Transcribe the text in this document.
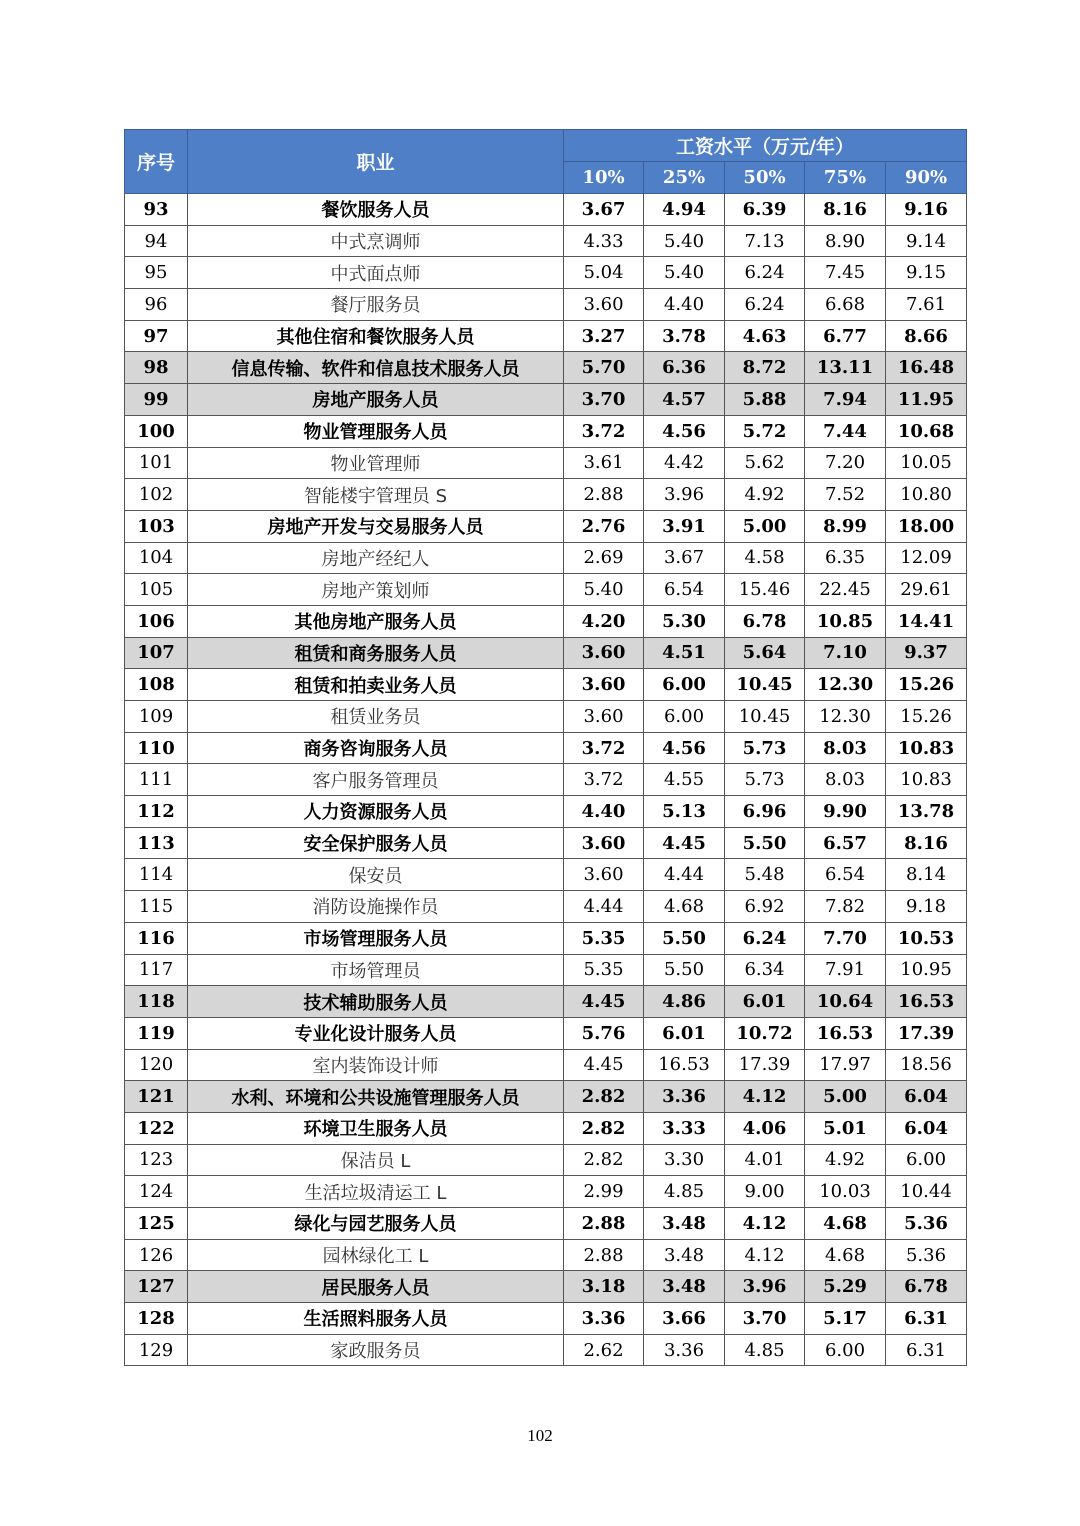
序号	职业	工资水平（万元/年）				
		10%	25%	50%	75%	90%
93	餐饮服务人员	3.67	4.94	6.39	8.16	9.16
94	中式烹调师	4.33	5.40	7.13	8.90	9.14
95	中式面点师	5.04	5.40	6.24	7.45	9.15
96	餐厅服务员	3.60	4.40	6.24	6.68	7.61
97	其他住宿和餐饮服务人员	3.27	3.78	4.63	6.77	8.66
98	信息传输、软件和信息技术服务人员	5.70	6.36	8.72	13.11	16.48
99	房地产服务人员	3.70	4.57	5.88	7.94	11.95
100	物业管理服务人员	3.72	4.56	5.72	7.44	10.68
101	物业管理师	3.61	4.42	5.62	7.20	10.05
102	智能楼宇管理员 S	2.88	3.96	4.92	7.52	10.80
103	房地产开发与交易服务人员	2.76	3.91	5.00	8.99	18.00
104	房地产经纪人	2.69	3.67	4.58	6.35	12.09
105	房地产策划师	5.40	6.54	15.46	22.45	29.61
106	其他房地产服务人员	4.20	5.30	6.78	10.85	14.41
107	租赁和商务服务人员	3.60	4.51	5.64	7.10	9.37
108	租赁和拍卖业务人员	3.60	6.00	10.45	12.30	15.26
109	租赁业务员	3.60	6.00	10.45	12.30	15.26
110	商务咨询服务人员	3.72	4.56	5.73	8.03	10.83
111	客户服务管理员	3.72	4.55	5.73	8.03	10.83
112	人力资源服务人员	4.40	5.13	6.96	9.90	13.78
113	安全保护服务人员	3.60	4.45	5.50	6.57	8.16
114	保安员	3.60	4.44	5.48	6.54	8.14
115	消防设施操作员	4.44	4.68	6.92	7.82	9.18
116	市场管理服务人员	5.35	5.50	6.24	7.70	10.53
117	市场管理员	5.35	5.50	6.34	7.91	10.95
118	技术辅助服务人员	4.45	4.86	6.01	10.64	16.53
119	专业化设计服务人员	5.76	6.01	10.72	16.53	17.39
120	室内装饰设计师	4.45	16.53	17.39	17.97	18.56
121	水利、环境和公共设施管理服务人员	2.82	3.36	4.12	5.00	6.04
122	环境卫生服务人员	2.82	3.33	4.06	5.01	6.04
123	保洁员 L	2.82	3.30	4.01	4.92	6.00
124	生活垃圾清运工 L	2.99	4.85	9.00	10.03	10.44
125	绿化与园艺服务人员	2.88	3.48	4.12	4.68	5.36
126	园林绿化工 L	2.88	3.48	4.12	4.68	5.36
127	居民服务人员	3.18	3.48	3.96	5.29	6.78
128	生活照料服务人员	3.36	3.66	3.70	5.17	6.31
129	家政服务员	2.62	3.36	4.85	6.00	6.31
102
